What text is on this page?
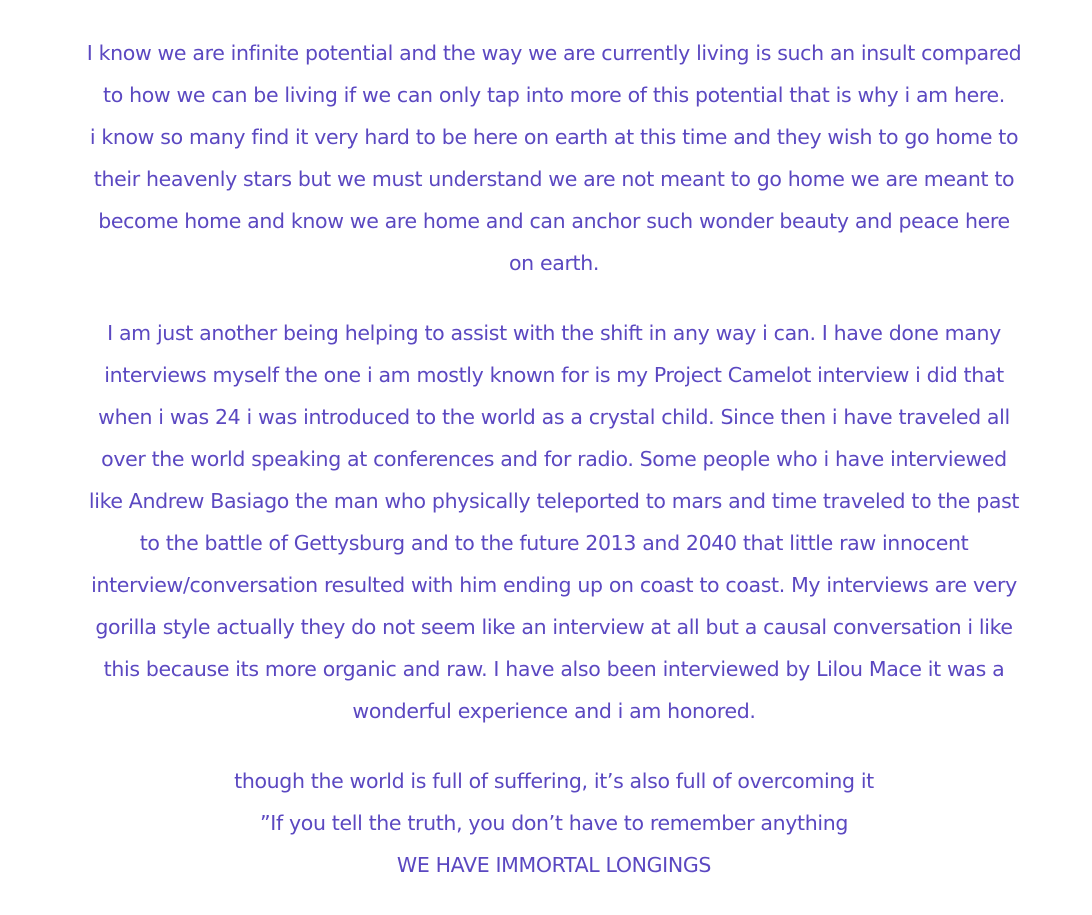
I know we are infinite potential and the way we are currently living is such an insult compared
to how we can be living if we can only tap into more of this potential that is why i am here.
i know so many find it very hard to be here on earth at this time and they wish to go home to
their heavenly stars but we must understand we are not meant to go home we are meant to
become home and know we are home and can anchor such wonder beauty and peace here
on earth.
I am just another being helping to assist with the shift in any way i can. I have done many
interviews myself the one i am mostly known for is my Project Camelot interview i did that
when i was 24 i was introduced to the world as a crystal child. Since then i have traveled all
over the world speaking at conferences and for radio. Some people who i have interviewed
like Andrew Basiago the man who physically teleported to mars and time traveled to the past
to the battle of Gettysburg and to the future 2013 and 2040 that little raw innocent
interview/conversation resulted with him ending up on coast to coast. My interviews are very
gorilla style actually they do not seem like an interview at all but a causal conversation i like
this because its more organic and raw. I have also been interviewed by Lilou Mace it was a
wonderful experience and i am honored.
though the world is full of suffering, it’s also full of overcoming it
”If you tell the truth, you don’t have to remember anything
WE HAVE IMMORTAL LONGINGS
